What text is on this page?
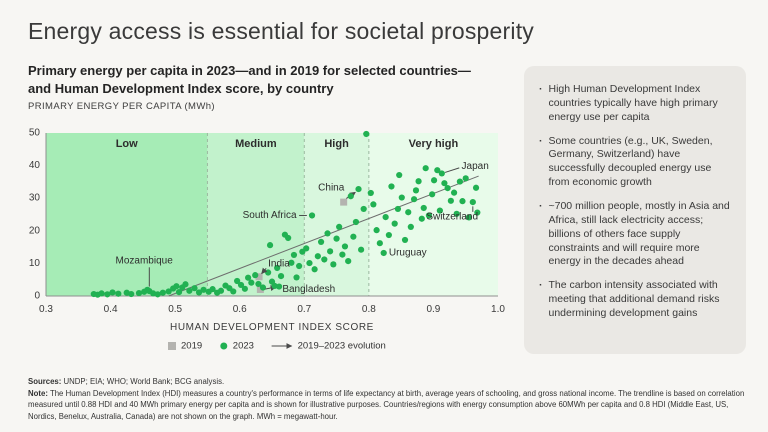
Energy access is essential for societal prosperity
Primary energy per capita in 2023—and in 2019 for selected countries—
and Human Development Index score, by country
PRIMARY ENERGY PER CAPITA (MWh)
Low	Medium	High	Very high
0
10
20
30
40
50
0.3	0.4	0.5	0.6	0.7	0.8	0.9	1.0
Mozambique	India
Bangladesh
South Africa
China
Japan
Switzerland
Uruguay
HUMAN DEVELOPMENT INDEX SCORE
2019	2023	2019–2023 evolution
· High Human Development Index countries typically have high primary energy use per capita
· Some countries (e.g., UK, Sweden, Germany, Switzerland) have successfully decoupled energy use from economic growth
· ~700 million people, mostly in Asia and Africa, still lack electricity access; billions of others face supply constraints and will require more energy in the decades ahead
· The carbon intensity associated with meeting that additional demand risks undermining development gains
Sources: UNDP; EIA; WHO; World Bank; BCG analysis.
Note: The Human Development Index (HDI) measures a country's performance in terms of life expectancy at birth, average years of schooling, and gross national income. The trendline is based on correlation measured until 0.88 HDI and 40 MWh primary energy per capita and is shown for illustrative purposes. Countries/regions with energy consumption above 60MWh per capita and 0.8 HDI (Middle East, US, Nordics, Benelux, Australia, Canada) are not shown on the graph. MWh = megawatt-hour.
